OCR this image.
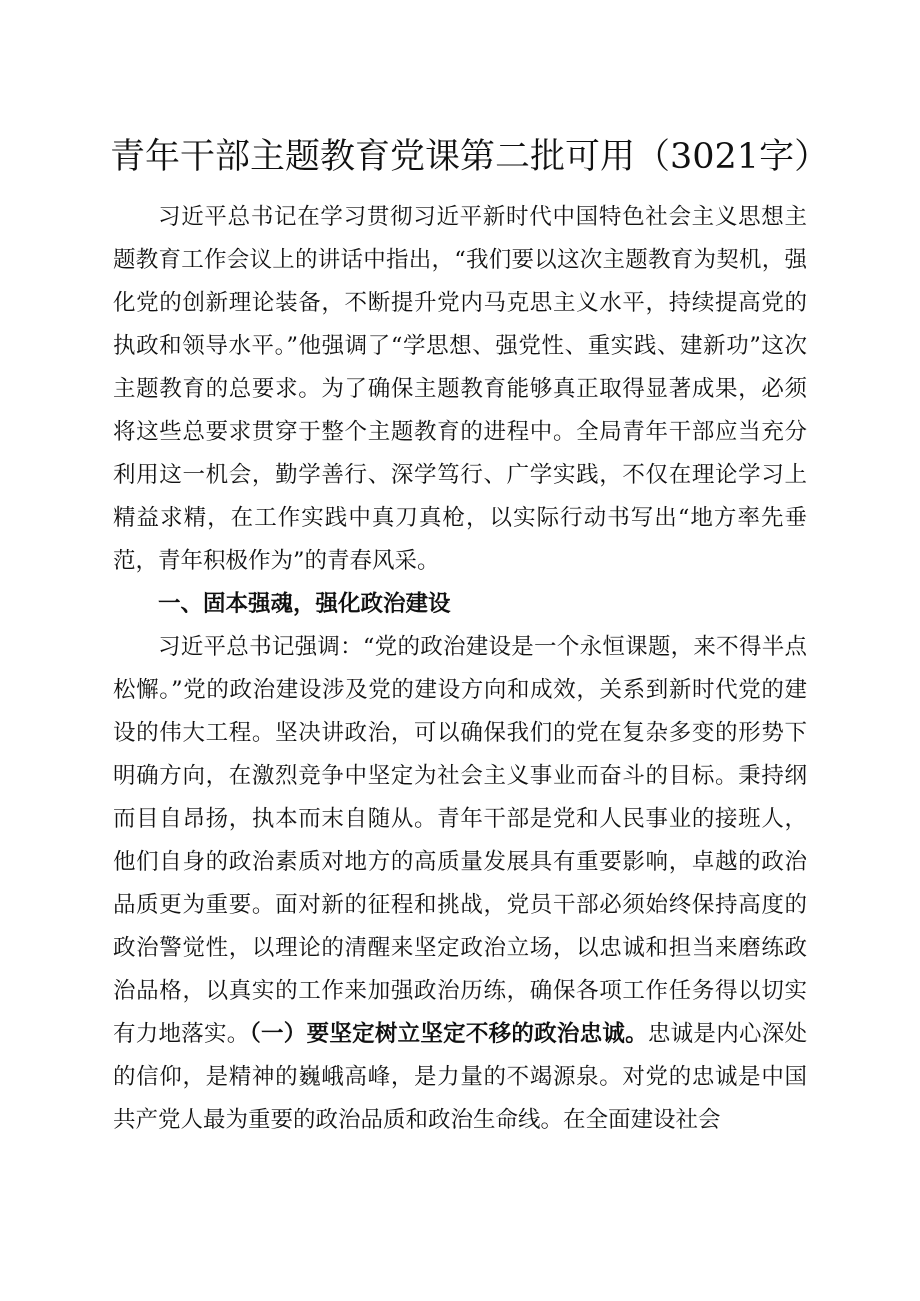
青年干部主题教育党课第二批可用（3021字）

习近平总书记在学习贯彻习近平新时代中国特色社会主义思想主题教育工作会议上的讲话中指出，“我们要以这次主题教育为契机，强化党的创新理论装备，不断提升党内马克思主义水平，持续提高党的执政和领导水平。”他强调了“学思想、强党性、重实践、建新功”这次主题教育的总要求。为了确保主题教育能够真正取得显著成果，必须将这些总要求贯穿于整个主题教育的进程中。全局青年干部应当充分利用这一机会，勤学善行、深学笃行、广学实践，不仅在理论学习上精益求精，在工作实践中真刀真枪，以实际行动书写出“地方率先垂范，青年积极作为”的青春风采。

一、固本强魂，强化政治建设

习近平总书记强调：“党的政治建设是一个永恒课题，来不得半点松懈。”党的政治建设涉及党的建设方向和成效，关系到新时代党的建设的伟大工程。坚决讲政治，可以确保我们的党在复杂多变的形势下明确方向，在激烈竞争中坚定为社会主义事业而奋斗的目标。秉持纲而目自昂扬，执本而末自随从。青年干部是党和人民事业的接班人，他们自身的政治素质对地方的高质量发展具有重要影响，卓越的政治品质更为重要。面对新的征程和挑战，党员干部必须始终保持高度的政治警觉性，以理论的清醒来坚定政治立场，以忠诚和担当来磨练政治品格，以真实的工作来加强政治历练，确保各项工作任务得以切实有力地落实。（一）要坚定树立坚定不移的政治忠诚。忠诚是内心深处的信仰，是精神的巍峨高峰，是力量的不竭源泉。对党的忠诚是中国共产党人最为重要的政治品质和政治生命线。在全面建设社会
